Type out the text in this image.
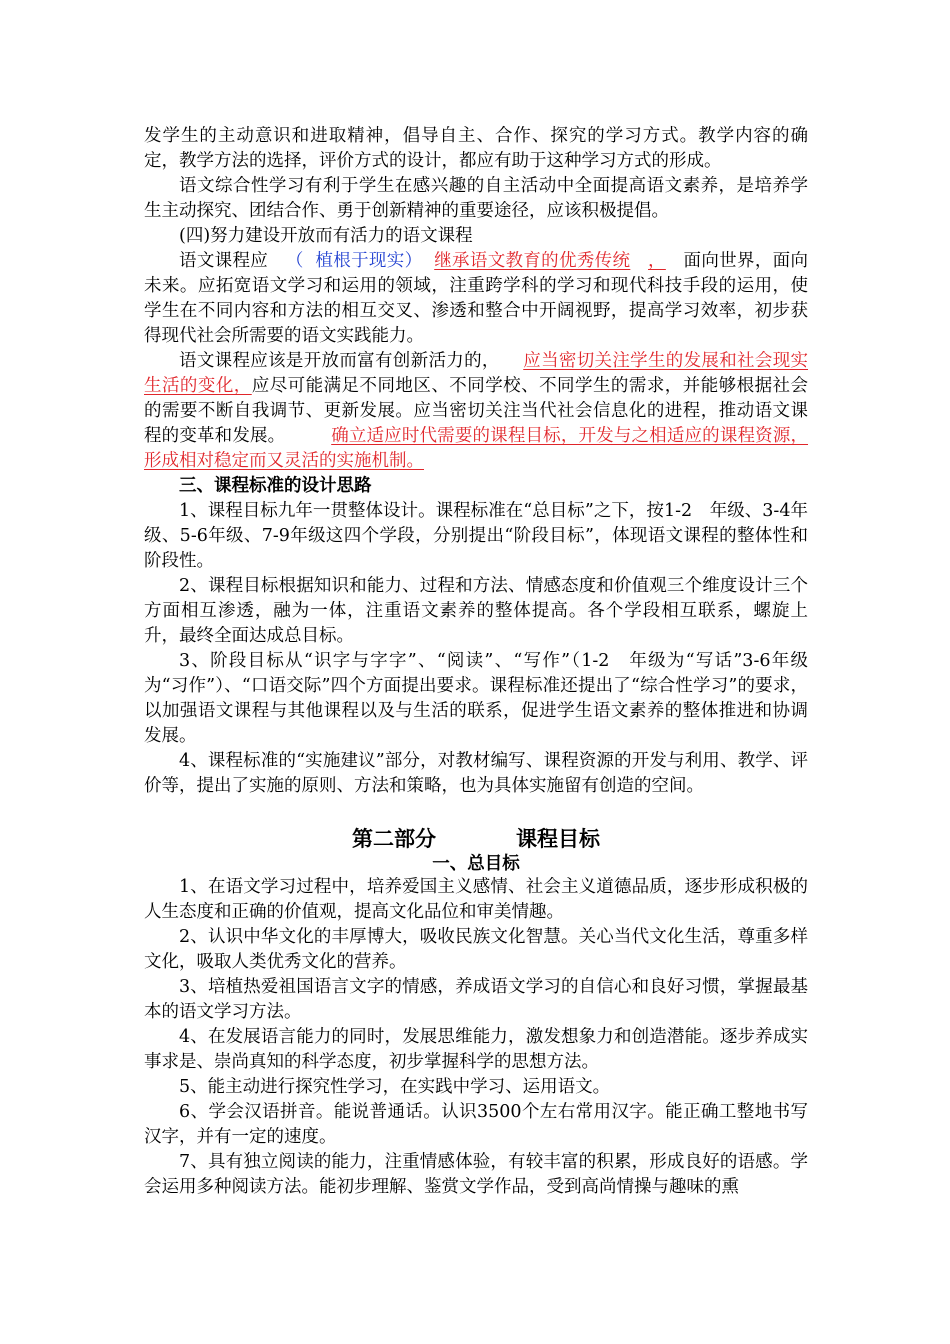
发学生的主动意识和进取精神，倡导自主、合作、探究的学习方式。教学内容的确定，教学方法的选择，评价方式的设计，都应有助于这种学习方式的形成。

语文综合性学习有利于学生在感兴趣的自主活动中全面提高语文素养，是培养学生主动探究、团结合作、勇于创新精神的重要途径，应该积极提倡。

(四)努力建设开放而有活力的语文课程

语文课程应 （ 植根于现实） 继承语文教育的优秀传统 ， 面向世界，面向未来。应拓宽语文学习和运用的领域，注重跨学科的学习和现代科技手段的运用，使学生在不同内容和方法的相互交叉、渗透和整合中开阔视野，提高学习效率，初步获得现代社会所需要的语文实践能力。

语文课程应该是开放而富有创新活力的， 应当密切关注学生的发展和社会现实生活的变化，应尽可能满足不同地区、不同学校、不同学生的需求，并能够根据社会的需要不断自我调节、更新发展。应当密切关注当代社会信息化的进程，推动语文课程的变革和发展。	确立适应时代需要的课程目标，开发与之相适应的课程资源，形成相对稳定而又灵活的实施机制。

三、课程标准的设计思路

1、课程目标九年一贯整体设计。课程标准在“总目标”之下，按1-2　年级、3-4年级、5-6年级、7-9年级这四个学段，分别提出“阶段目标”，体现语文课程的整体性和阶段性。

2、课程目标根据知识和能力、过程和方法、情感态度和价值观三个维度设计三个方面相互渗透，融为一体，注重语文素养的整体提高。各个学段相互联系，螺旋上升，最终全面达成总目标。

3、阶段目标从“识字与字字”、“阅读”、“写作”（1-2　年级为“写话”3-6年级为“习作”）、“口语交际”四个方面提出要求。课程标准还提出了“综合性学习”的要求，以加强语文课程与其他课程以及与生活的联系，促进学生语文素养的整体推进和协调发展。

4、课程标准的“实施建议”部分，对教材编写、课程资源的开发与利用、教学、评价等，提出了实施的原则、方法和策略，也为具体实施留有创造的空间。

第二部分	课程目标

一、总目标

1、在语文学习过程中，培养爱国主义感情、社会主义道德品质，逐步形成积极的人生态度和正确的价值观，提高文化品位和审美情趣。

2、认识中华文化的丰厚博大，吸收民族文化智慧。关心当代文化生活，尊重多样文化，吸取人类优秀文化的营养。

3、培植热爱祖国语言文字的情感，养成语文学习的自信心和良好习惯，掌握最基本的语文学习方法。

4、在发展语言能力的同时，发展思维能力，激发想象力和创造潜能。逐步养成实事求是、崇尚真知的科学态度，初步掌握科学的思想方法。

5、能主动进行探究性学习，在实践中学习、运用语文。

6、学会汉语拼音。能说普通话。认识3500个左右常用汉字。能正确工整地书写汉字，并有一定的速度。

7、具有独立阅读的能力，注重情感体验，有较丰富的积累，形成良好的语感。学会运用多种阅读方法。能初步理解、鉴赏文学作品，受到高尚情操与趣味的熏
